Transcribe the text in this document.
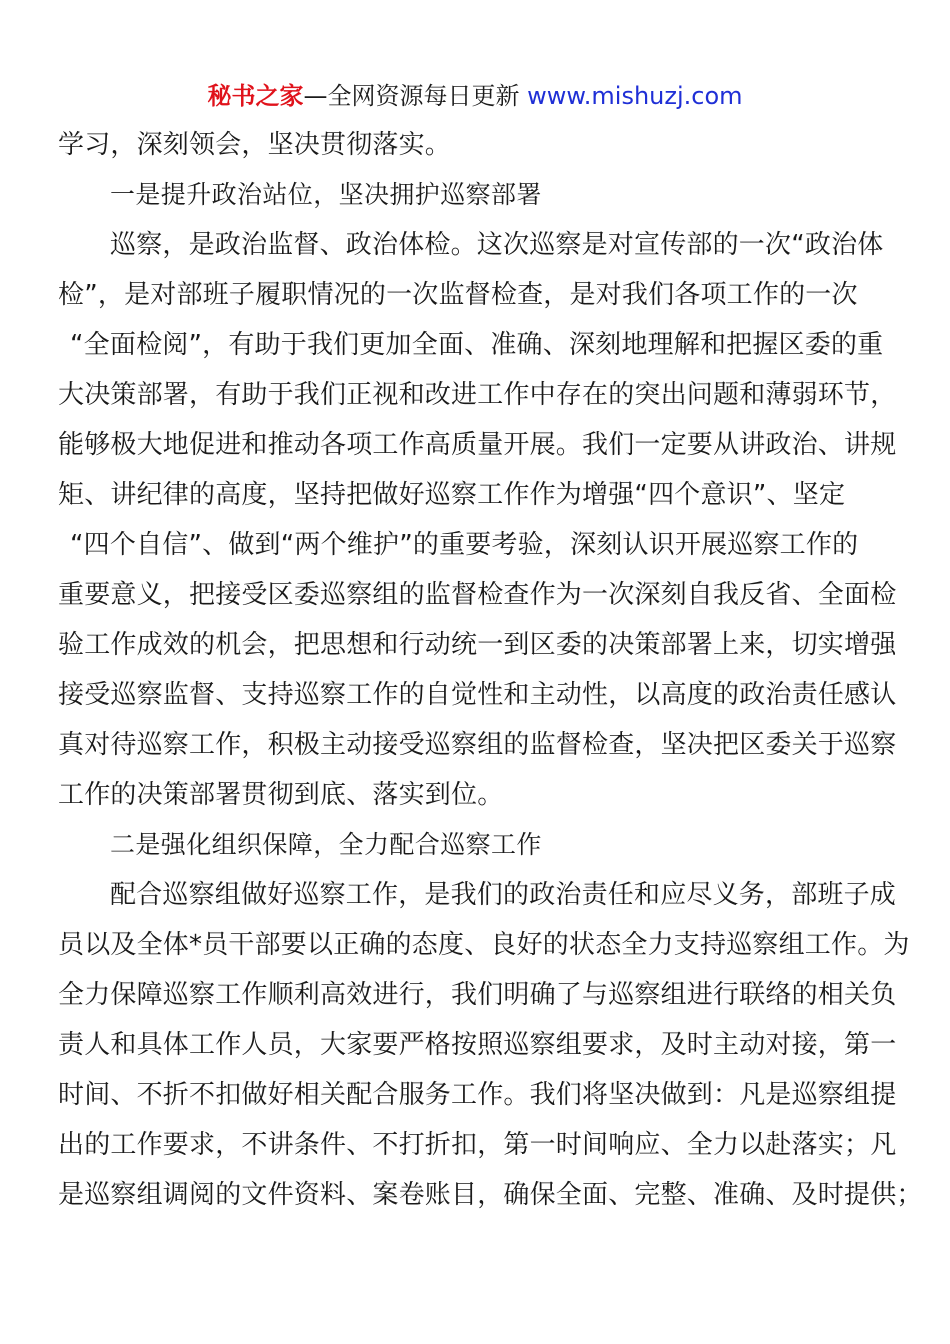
秘书之家—全网资源每日更新 www.mishuzj.com
学习，深刻领会，坚决贯彻落实。
一是提升政治站位，坚决拥护巡察部署
巡察，是政治监督、政治体检。这次巡察是对宣传部的一次“政治体
检”，是对部班子履职情况的一次监督检查，是对我们各项工作的一次
“全面检阅”，有助于我们更加全面、准确、深刻地理解和把握区委的重
大决策部署，有助于我们正视和改进工作中存在的突出问题和薄弱环节，
能够极大地促进和推动各项工作高质量开展。我们一定要从讲政治、讲规
矩、讲纪律的高度，坚持把做好巡察工作作为增强“四个意识”、坚定
“四个自信”、做到“两个维护”的重要考验，深刻认识开展巡察工作的
重要意义，把接受区委巡察组的监督检查作为一次深刻自我反省、全面检
验工作成效的机会，把思想和行动统一到区委的决策部署上来，切实增强
接受巡察监督、支持巡察工作的自觉性和主动性，以高度的政治责任感认
真对待巡察工作，积极主动接受巡察组的监督检查，坚决把区委关于巡察
工作的决策部署贯彻到底、落实到位。
二是强化组织保障，全力配合巡察工作
配合巡察组做好巡察工作，是我们的政治责任和应尽义务，部班子成
员以及全体*员干部要以正确的态度、良好的状态全力支持巡察组工作。为
全力保障巡察工作顺利高效进行，我们明确了与巡察组进行联络的相关负
责人和具体工作人员，大家要严格按照巡察组要求，及时主动对接，第一
时间、不折不扣做好相关配合服务工作。我们将坚决做到：凡是巡察组提
出的工作要求，不讲条件、不打折扣，第一时间响应、全力以赴落实；凡
是巡察组调阅的文件资料、案卷账目，确保全面、完整、准确、及时提供；
